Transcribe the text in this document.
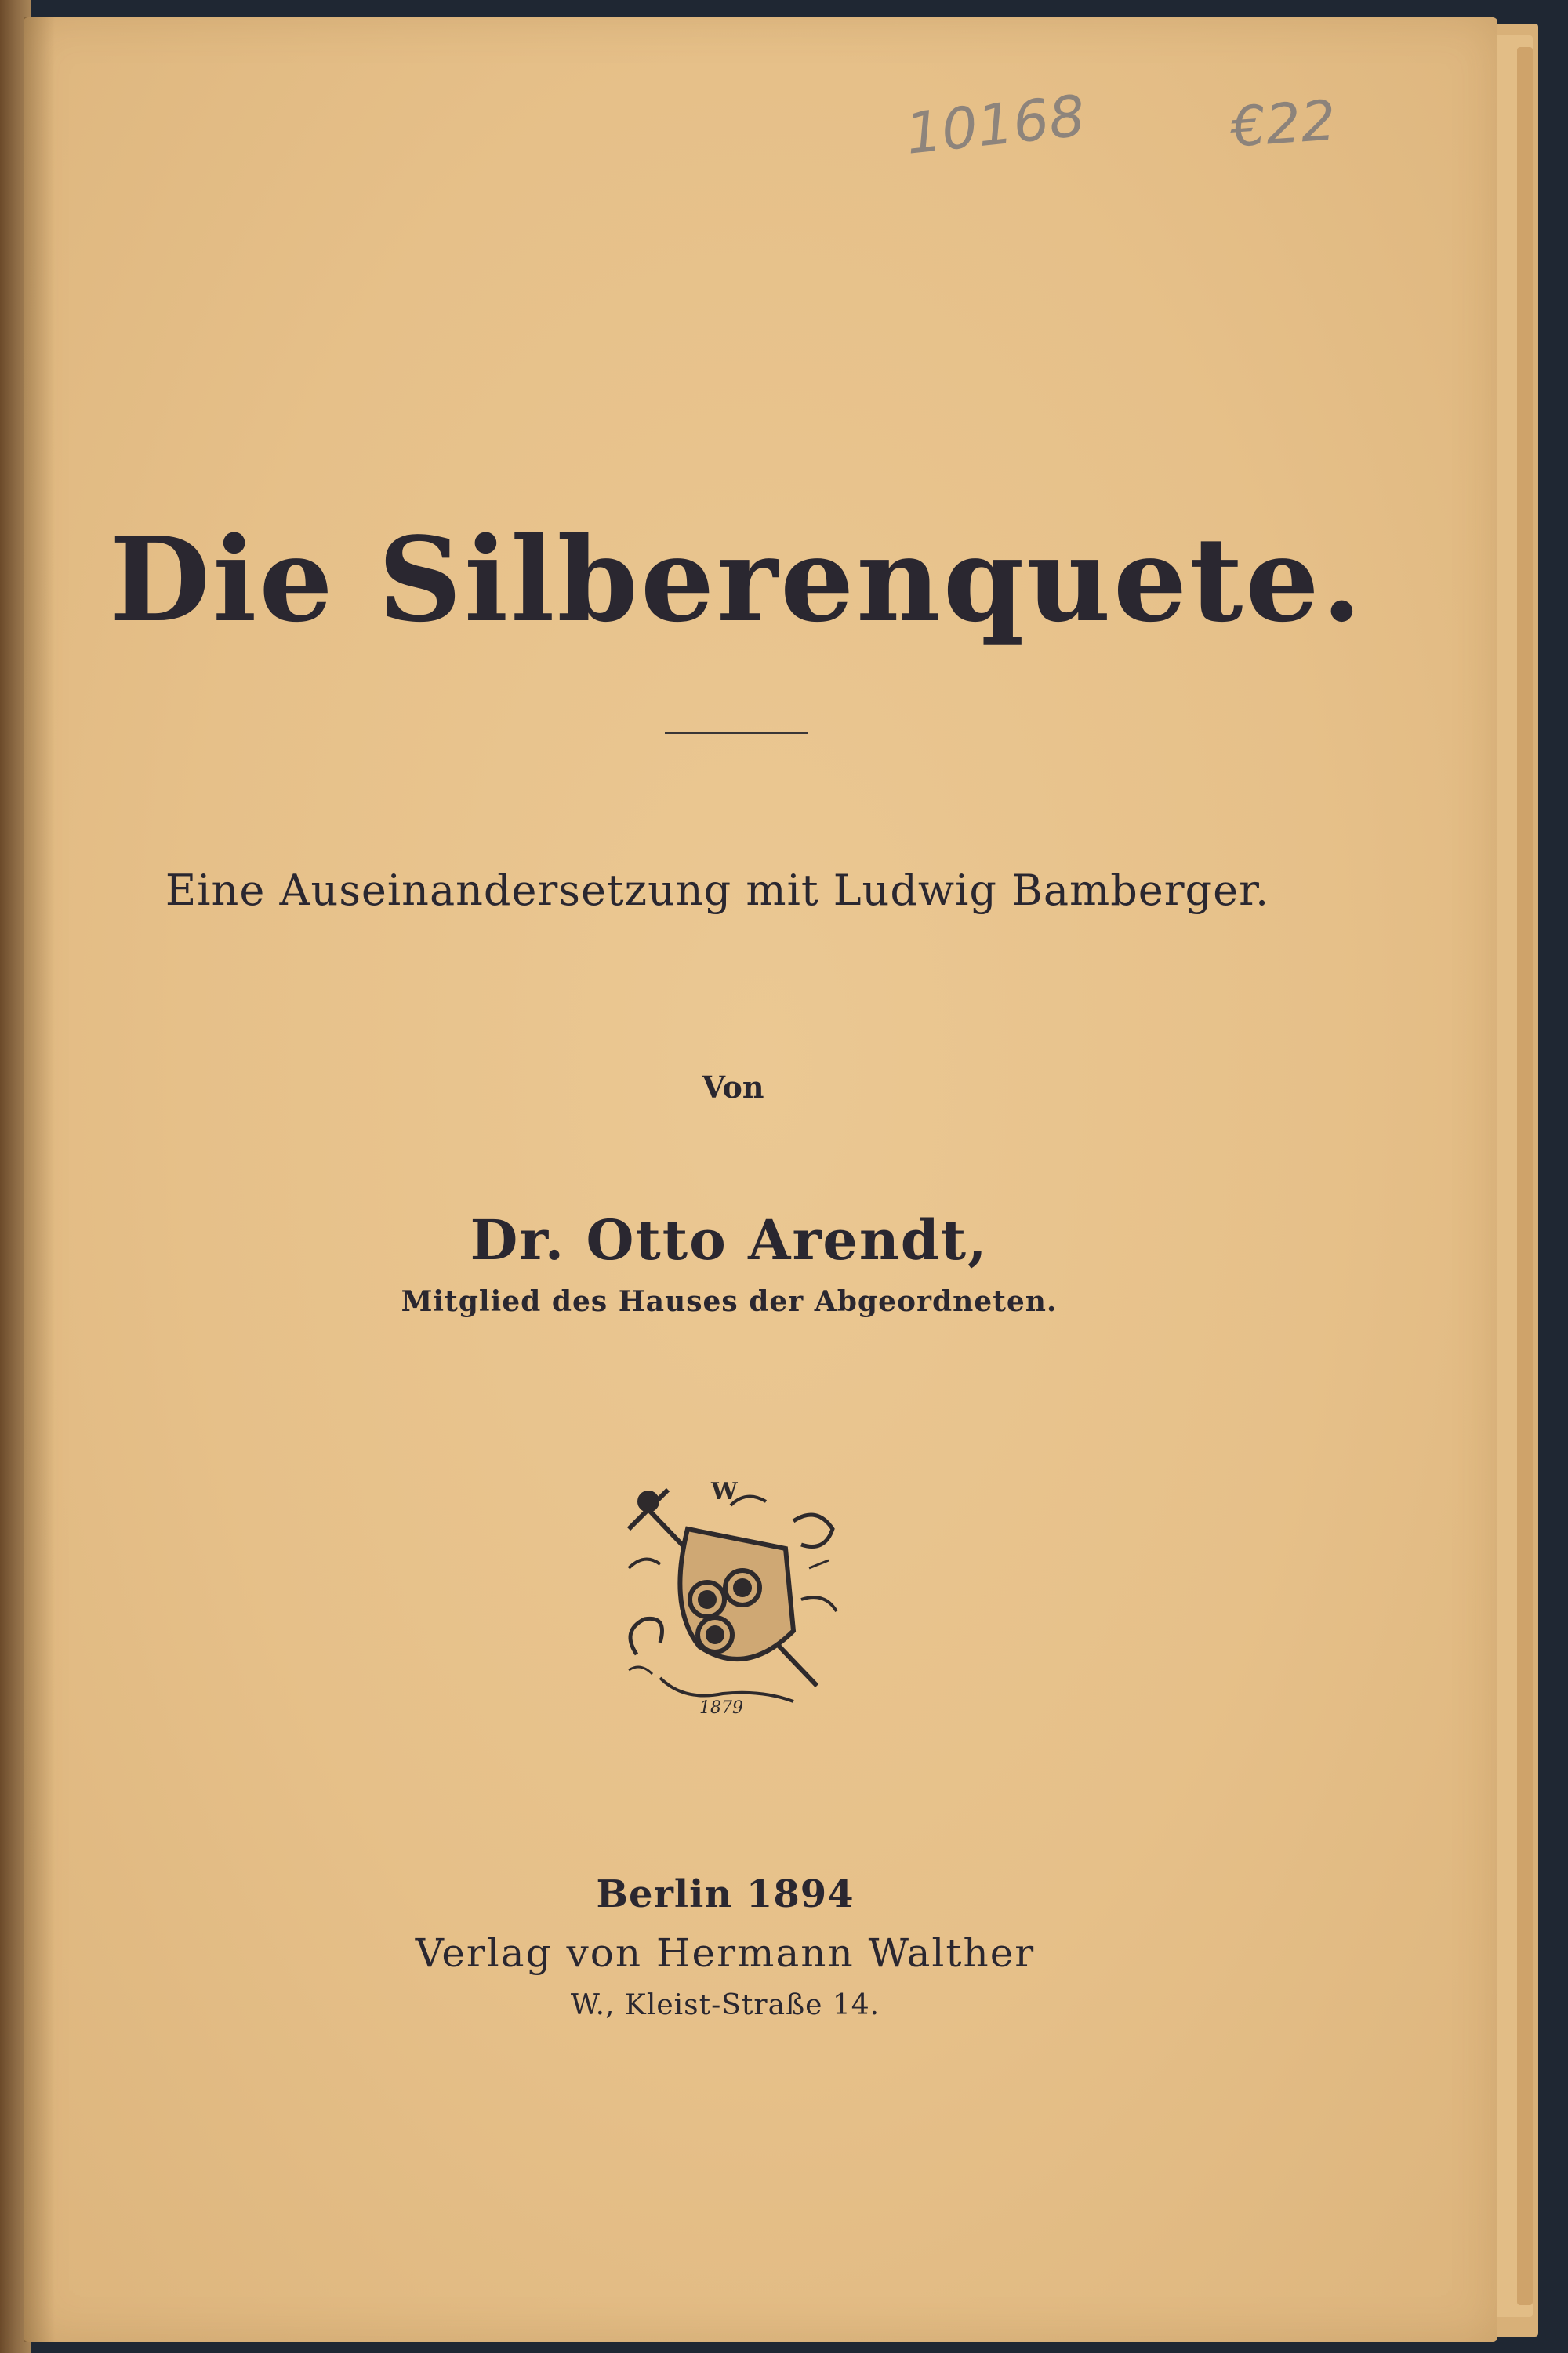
10168	€22
Die Silberenquete.
Eine Auseinandersetzung mit Ludwig Bamberger.
Von
Dr. Otto Arendt,
Mitglied des Hauses der Abgeordneten.
W
1879
Berlin 1894
Verlag von Hermann Walther
W., Kleist-Straße 14.
